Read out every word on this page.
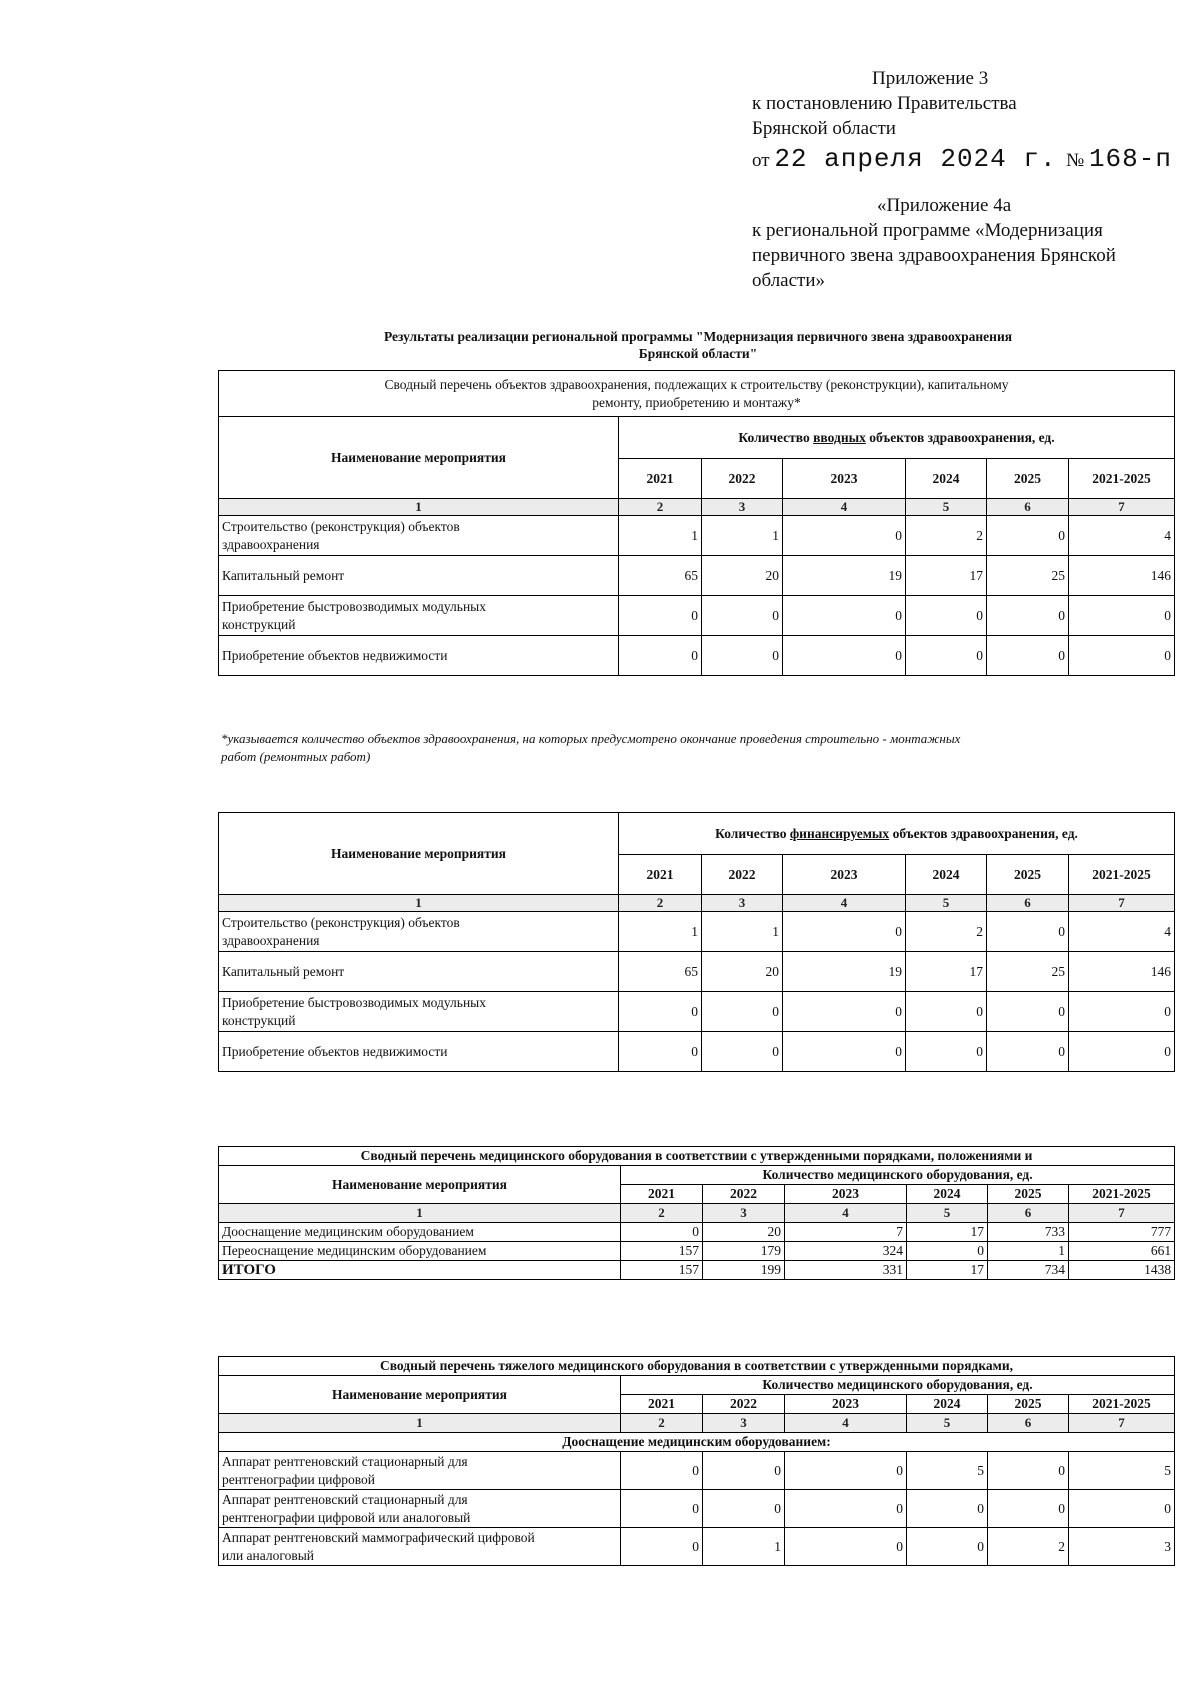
Приложение 3
к постановлению Правительства
Брянской области
от 22 апреля 2024 г. № 168-п
«Приложение 4а
к региональной программе «Модернизация
первичного звена здравоохранения Брянской
области»
Результаты реализации региональной программы "Модернизация первичного звена здравоохранения
Брянской области"
Сводный перечень объектов здравоохранения, подлежащих к строительству (реконструкции), капитальному
ремонту, приобретению и монтажу*						

Наименование мероприятия	Количество вводных объектов здравоохранения, ед.					
	2021	2022	2023	2024	2025	2021-2025
1	2	3	4	5	6	7

Строительство (реконструкция) объектов
здравоохранения	1	1	0	2	0	4

Капитальный ремонт	65	20	19	17	25	146

Приобретение быстровозводимых модульных
конструкций	0	0	0	0	0	0

Приобретение объектов недвижимости	0	0	0	0	0	0
*указывается количество объектов здравоохранения, на которых предусмотрено окончание проведения строительно - монтажных
работ (ремонтных работ)
Наименование мероприятия	Количество финансируемых объектов здравоохранения, ед.					
	2021	2022	2023	2024	2025	2021-2025
1	2	3	4	5	6	7

Строительство (реконструкция) объектов
здравоохранения	1	1	0	2	0	4

Капитальный ремонт	65	20	19	17	25	146

Приобретение быстровозводимых модульных
конструкций	0	0	0	0	0	0

Приобретение объектов недвижимости	0	0	0	0	0	0
Сводный перечень медицинского оборудования в соответствии с утвержденными порядками, положениями и						
Наименование мероприятия	Количество медицинского оборудования, ед.					
	2021	2022	2023	2024	2025	2021-2025
1	2	3	4	5	6	7
Дооснащение медицинским оборудованием	0	20	7	17	733	777
Переоснащение медицинским оборудованием	157	179	324	0	1	661
ИТОГО	157	199	331	17	734	1438
Сводный перечень тяжелого медицинского оборудования в соответствии с утвержденными порядками,						
Наименование мероприятия	Количество медицинского оборудования, ед.					
	2021	2022	2023	2024	2025	2021-2025
1	2	3	4	5	6	7
Дооснащение медицинским оборудованием:						

Аппарат рентгеновский стационарный для
рентгенографии цифровой	0	0	0	5	0	5

Аппарат рентгеновский стационарный для
рентгенографии цифровой или аналоговый	0	0	0	0	0	0

Аппарат рентгеновский маммографический цифровой
или аналоговый	0	1	0	0	2	3
